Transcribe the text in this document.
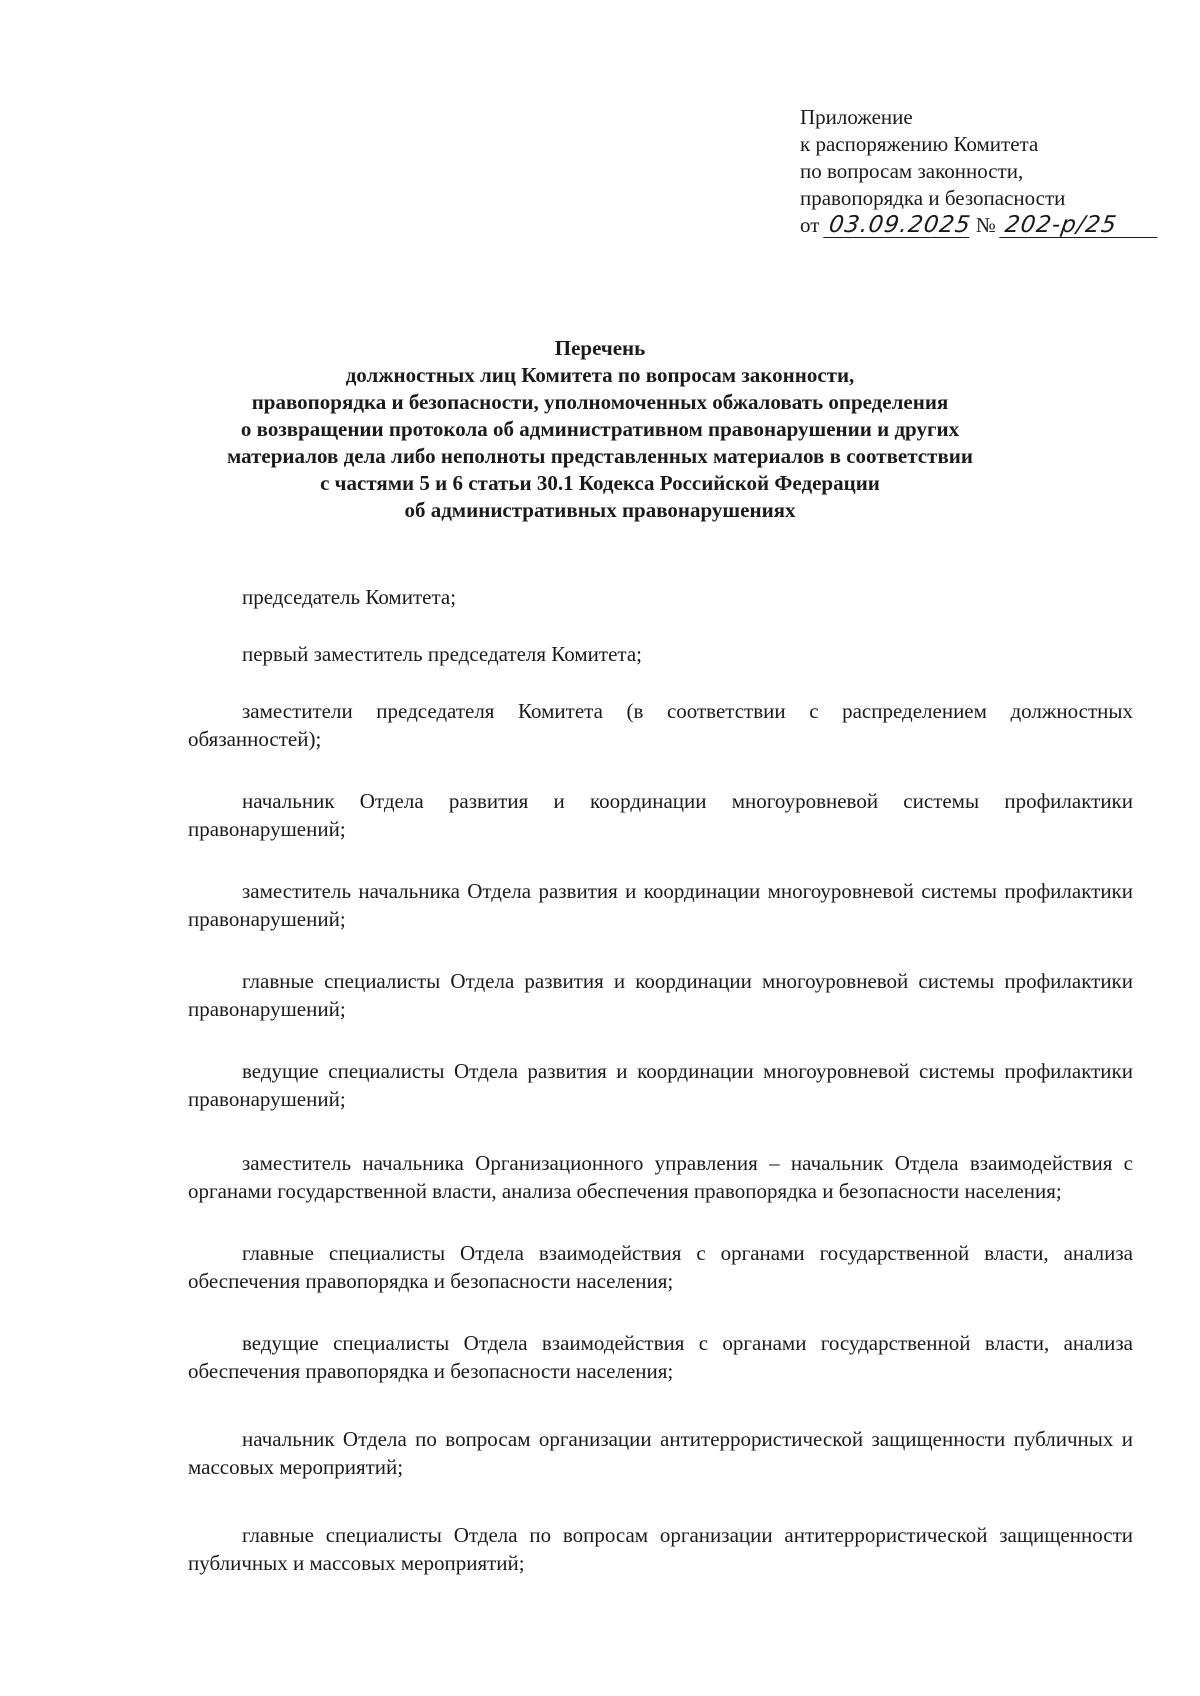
Приложение
к распоряжению Комитета
по вопросам законности,
правопорядка и безопасности
от 03.09.2025 № 202-р/25
Перечень
должностных лиц Комитета по вопросам законности,
правопорядка и безопасности, уполномоченных обжаловать определения
о возвращении протокола об административном правонарушении и других
материалов дела либо неполноты представленных материалов в соответствии
с частями 5 и 6 статьи 30.1 Кодекса Российской Федерации
об административных правонарушениях

председатель Комитета;

первый заместитель председателя Комитета;

заместители председателя Комитета (в соответствии с распределением должностных обязанностей);

начальник Отдела развития и координации многоуровневой системы профилактики правонарушений;

заместитель начальника Отдела развития и координации многоуровневой системы профилактики правонарушений;

главные специалисты Отдела развития и координации многоуровневой системы профилактики правонарушений;

ведущие специалисты Отдела развития и координации многоуровневой системы профилактики правонарушений;

заместитель начальника Организационного управления – начальник Отдела взаимодействия с органами государственной власти, анализа обеспечения правопорядка и безопасности населения;

главные специалисты Отдела взаимодействия с органами государственной власти, анализа обеспечения правопорядка и безопасности населения;

ведущие специалисты Отдела взаимодействия с органами государственной власти, анализа обеспечения правопорядка и безопасности населения;

начальник Отдела по вопросам организации антитеррористической защищенности публичных и массовых мероприятий;

главные специалисты Отдела по вопросам организации антитеррористической защищенности публичных и массовых мероприятий;
